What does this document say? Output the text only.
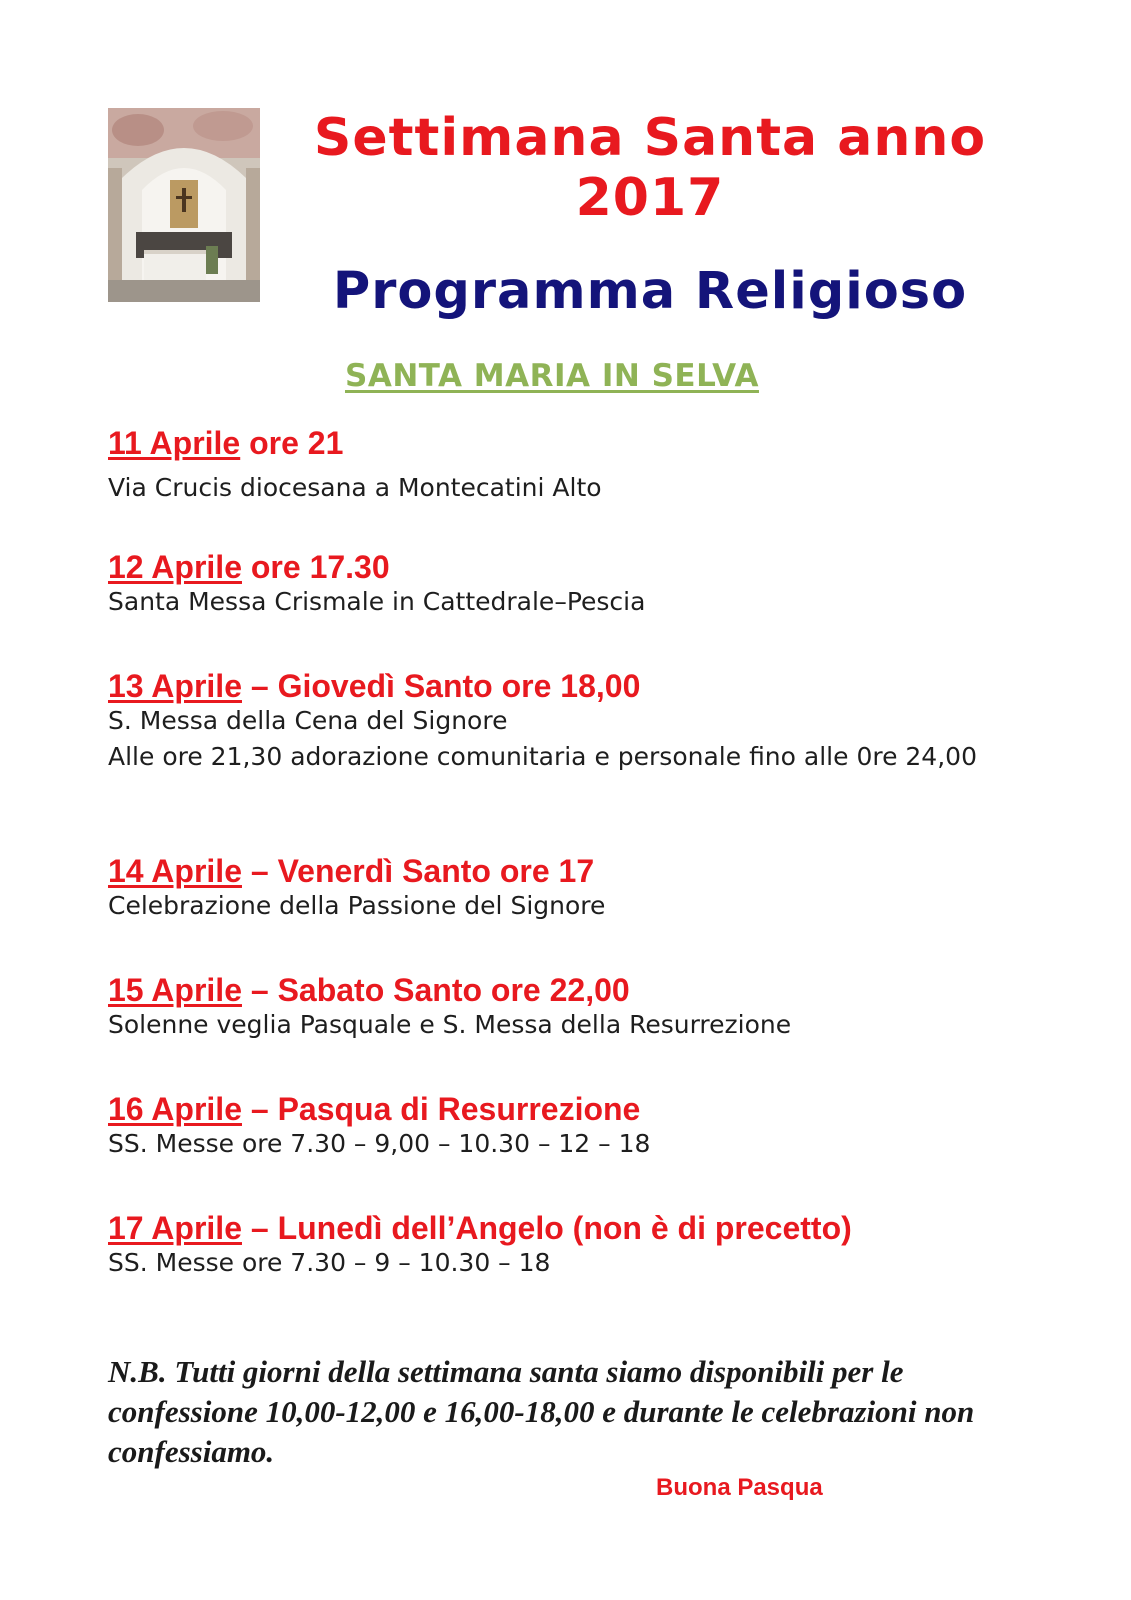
Settimana Santa anno
2017
Programma Religioso
SANTA MARIA IN SELVA
11 Aprile ore 21
Via Crucis diocesana a Montecatini Alto
12 Aprile ore 17.30
Santa Messa Crismale in Cattedrale–Pescia
13 Aprile – Giovedì Santo ore 18,00
S. Messa della Cena del Signore
Alle ore 21,30 adorazione comunitaria e personale fino alle 0re 24,00
14 Aprile – Venerdì Santo ore 17
Celebrazione della Passione del Signore
15 Aprile – Sabato Santo ore 22,00
Solenne veglia Pasquale e S. Messa della Resurrezione
16 Aprile – Pasqua di Resurrezione
SS. Messe ore 7.30 – 9,00 – 10.30 – 12 – 18
17 Aprile – Lunedì dell’Angelo (non è di precetto)
SS. Messe ore 7.30 – 9 – 10.30 – 18
N.B. Tutti giorni della settimana santa siamo disponibili per le confessione 10,00-12,00 e 16,00-18,00 e durante le celebrazioni non confessiamo.
Buona Pasqua
